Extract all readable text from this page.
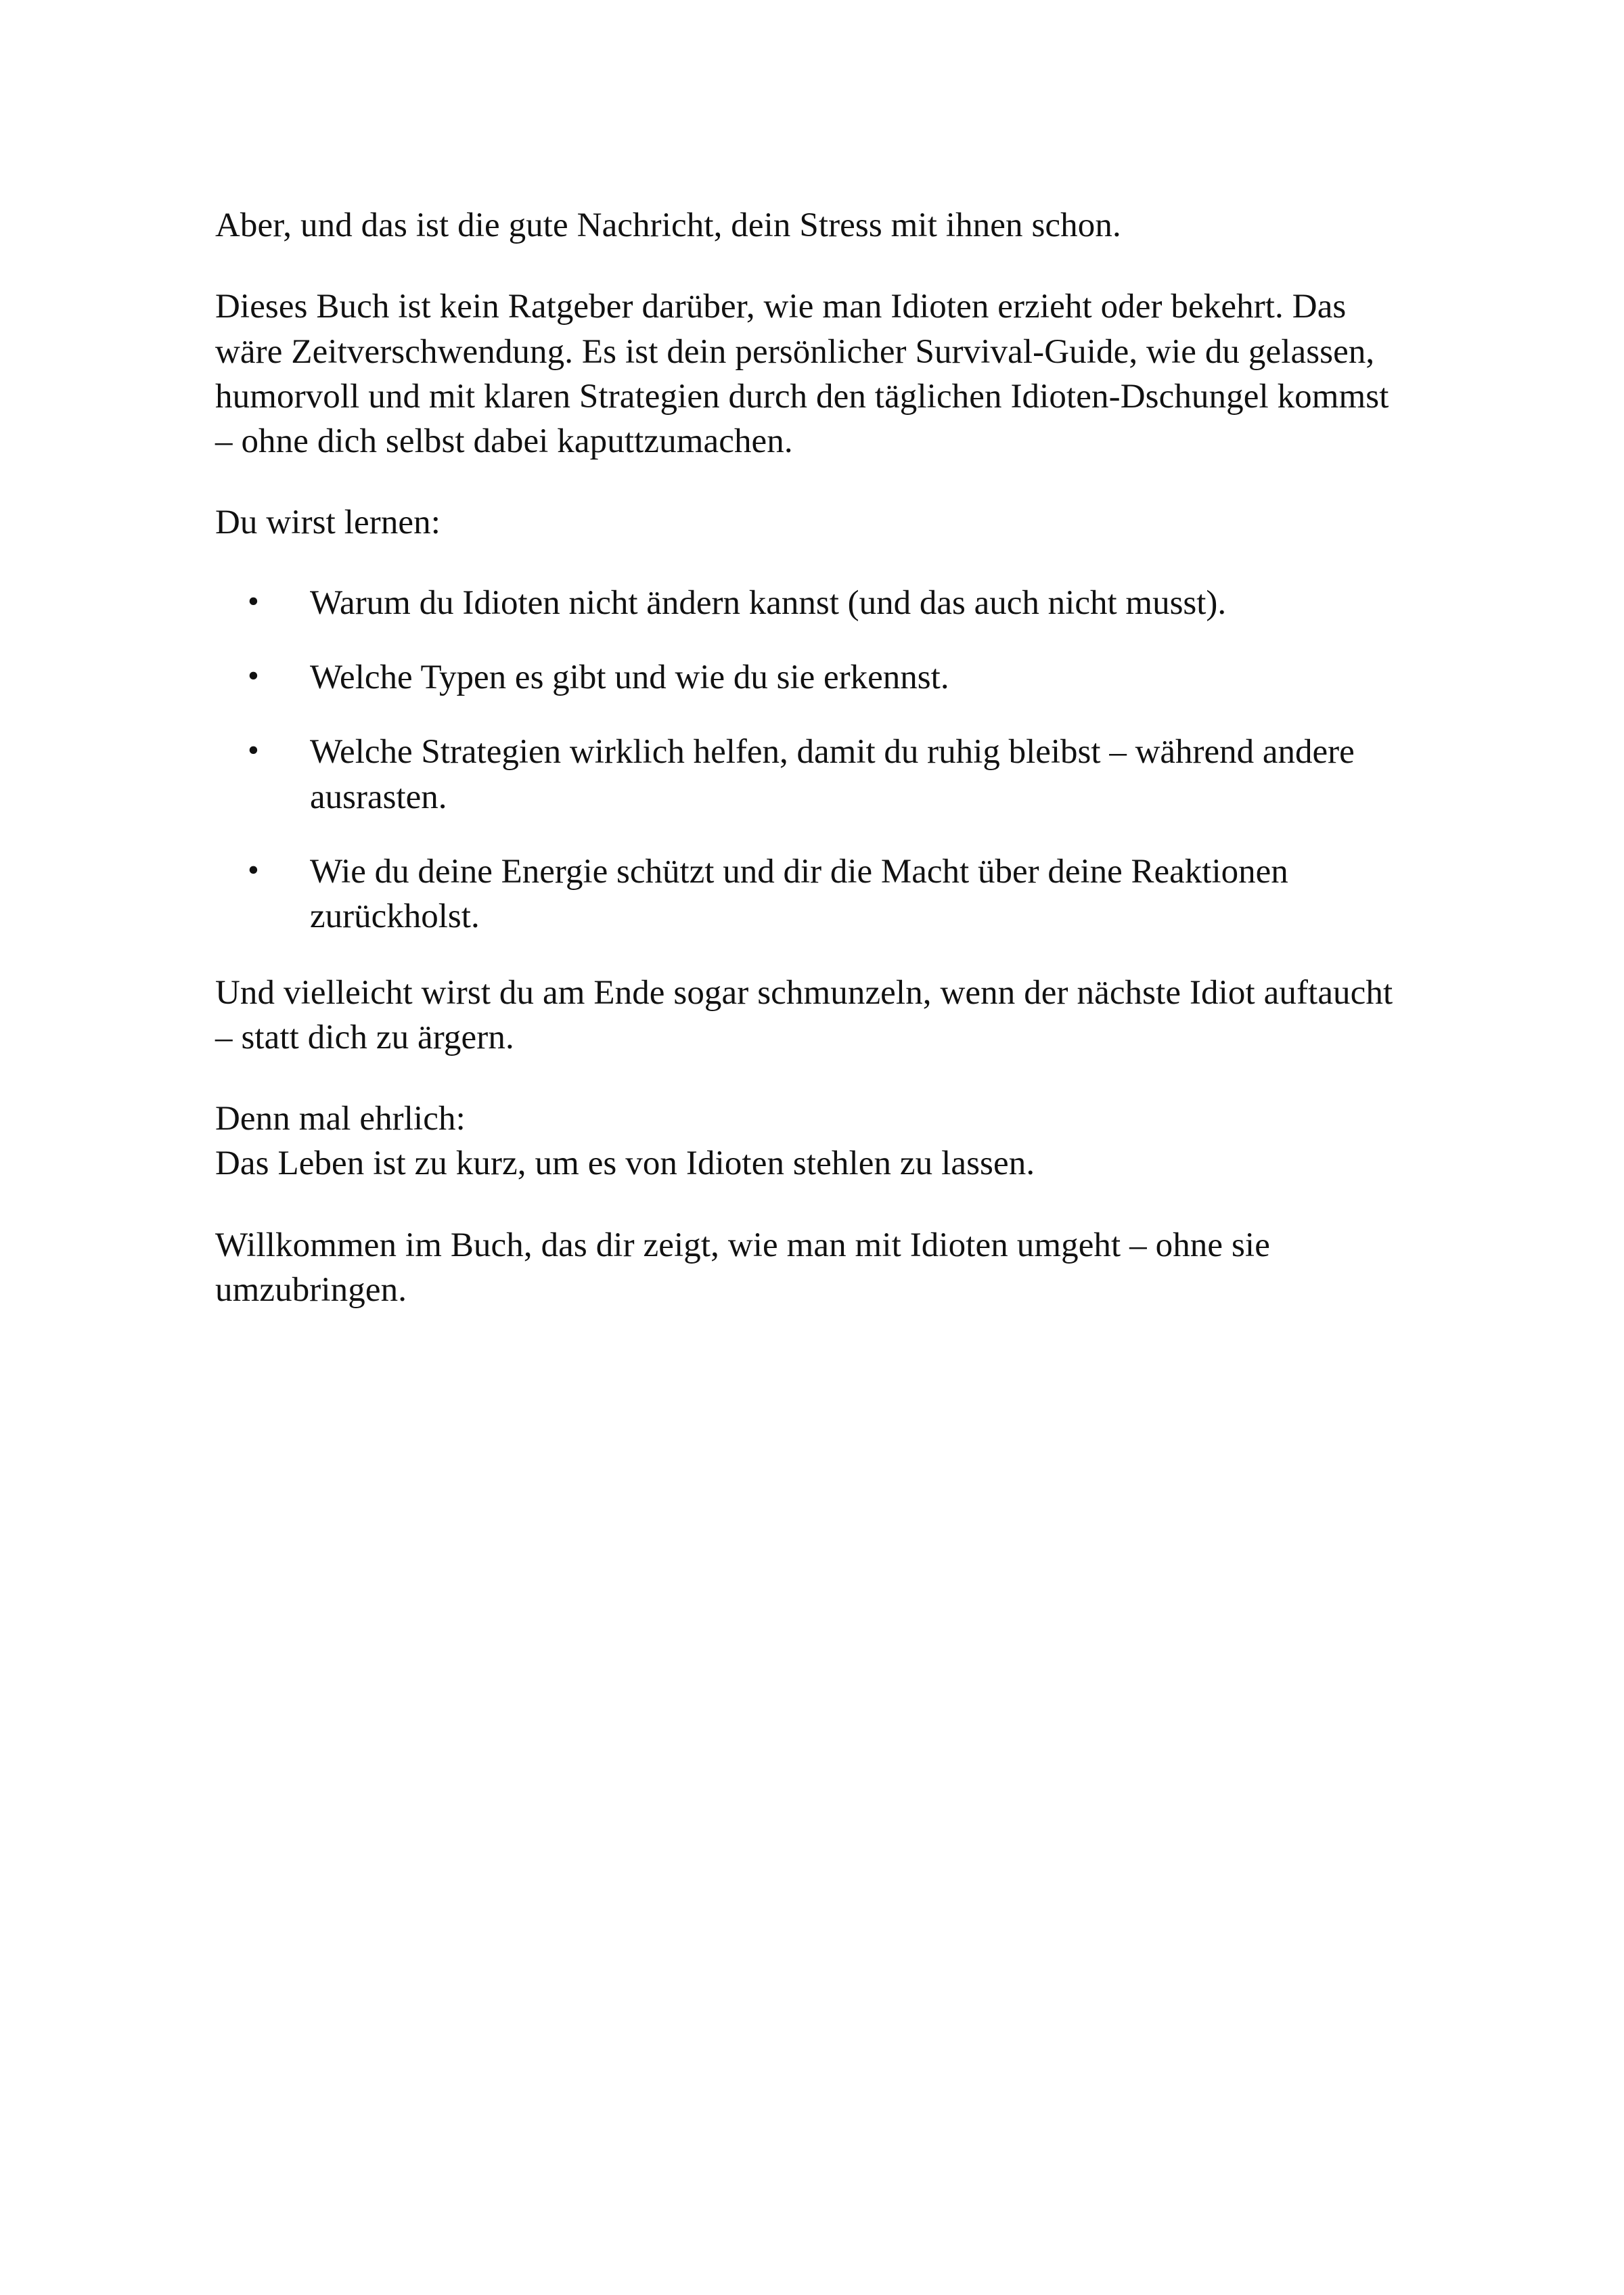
Aber, und das ist die gute Nachricht, dein Stress mit ihnen schon.

Dieses Buch ist kein Ratgeber darüber, wie man Idioten erzieht oder bekehrt. Das wäre Zeitverschwendung. Es ist dein persönlicher Survival-Guide, wie du gelassen, humorvoll und mit klaren Strategien durch den täglichen Idioten-Dschungel kommst – ohne dich selbst dabei kaputtzumachen.

Du wirst lernen:

• Warum du Idioten nicht ändern kannst (und das auch nicht musst).
• Welche Typen es gibt und wie du sie erkennst.
• Welche Strategien wirklich helfen, damit du ruhig bleibst – während andere ausrasten.
• Wie du deine Energie schützt und dir die Macht über deine Reaktionen zurückholst.

Und vielleicht wirst du am Ende sogar schmunzeln, wenn der nächste Idiot auftaucht – statt dich zu ärgern.

Denn mal ehrlich:
Das Leben ist zu kurz, um es von Idioten stehlen zu lassen.

Willkommen im Buch, das dir zeigt, wie man mit Idioten umgeht – ohne sie umzubringen.
